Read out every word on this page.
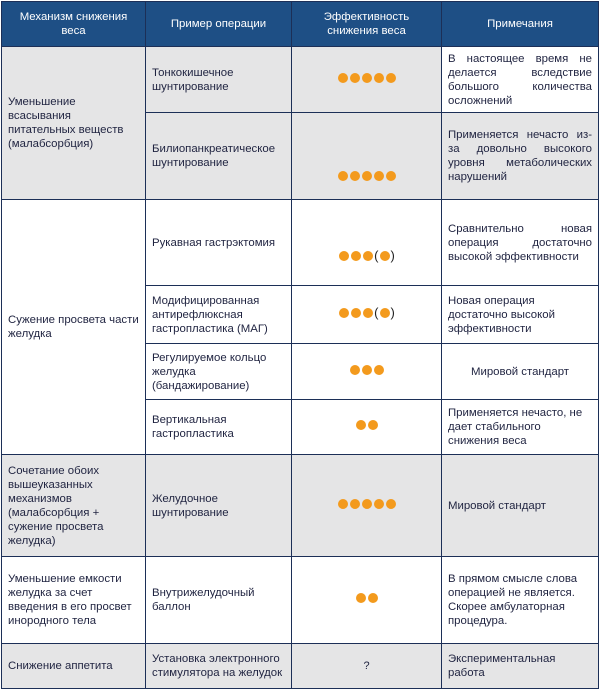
Механизм снижения веса	Пример операции	Эффективность снижения веса	Примечания
Уменьшение всасывания питательных веществ (малабсорбция)	Тонкокишечное шунтирование		В настоящее время не делается вследствие большого количества осложнений
	Билиопанкреатическое шунтирование		Применяется нечасто из-за довольно высокого уровня метаболических нарушений
Сужение просвета части желудка	Рукавная гастрэктомия	( )	Сравнительно новая операция достаточно высокой эффективности
	Модифицированная антирефлюксная гастропластика (МАГ)	( )	Новая операция достаточно высокой эффективности
	Регулируемое кольцо желудка (бандажирование)		Мировой стандарт
	Вертикальная гастропластика		Применяется нечасто, не дает стабильного снижения веса
Сочетание обоих вышеуказанных механизмов (малабсорбция + сужение просвета желудка)	Желудочное шунтирование		Мировой стандарт
Уменьшение емкости желудка за счет введения в его просвет инородного тела	Внутрижелудочный баллон		В прямом смысле слова операцией не является. Скорее амбулаторная процедура.
Снижение аппетита	Установка электронного стимулятора на желудок	?	Экспериментальная работа
